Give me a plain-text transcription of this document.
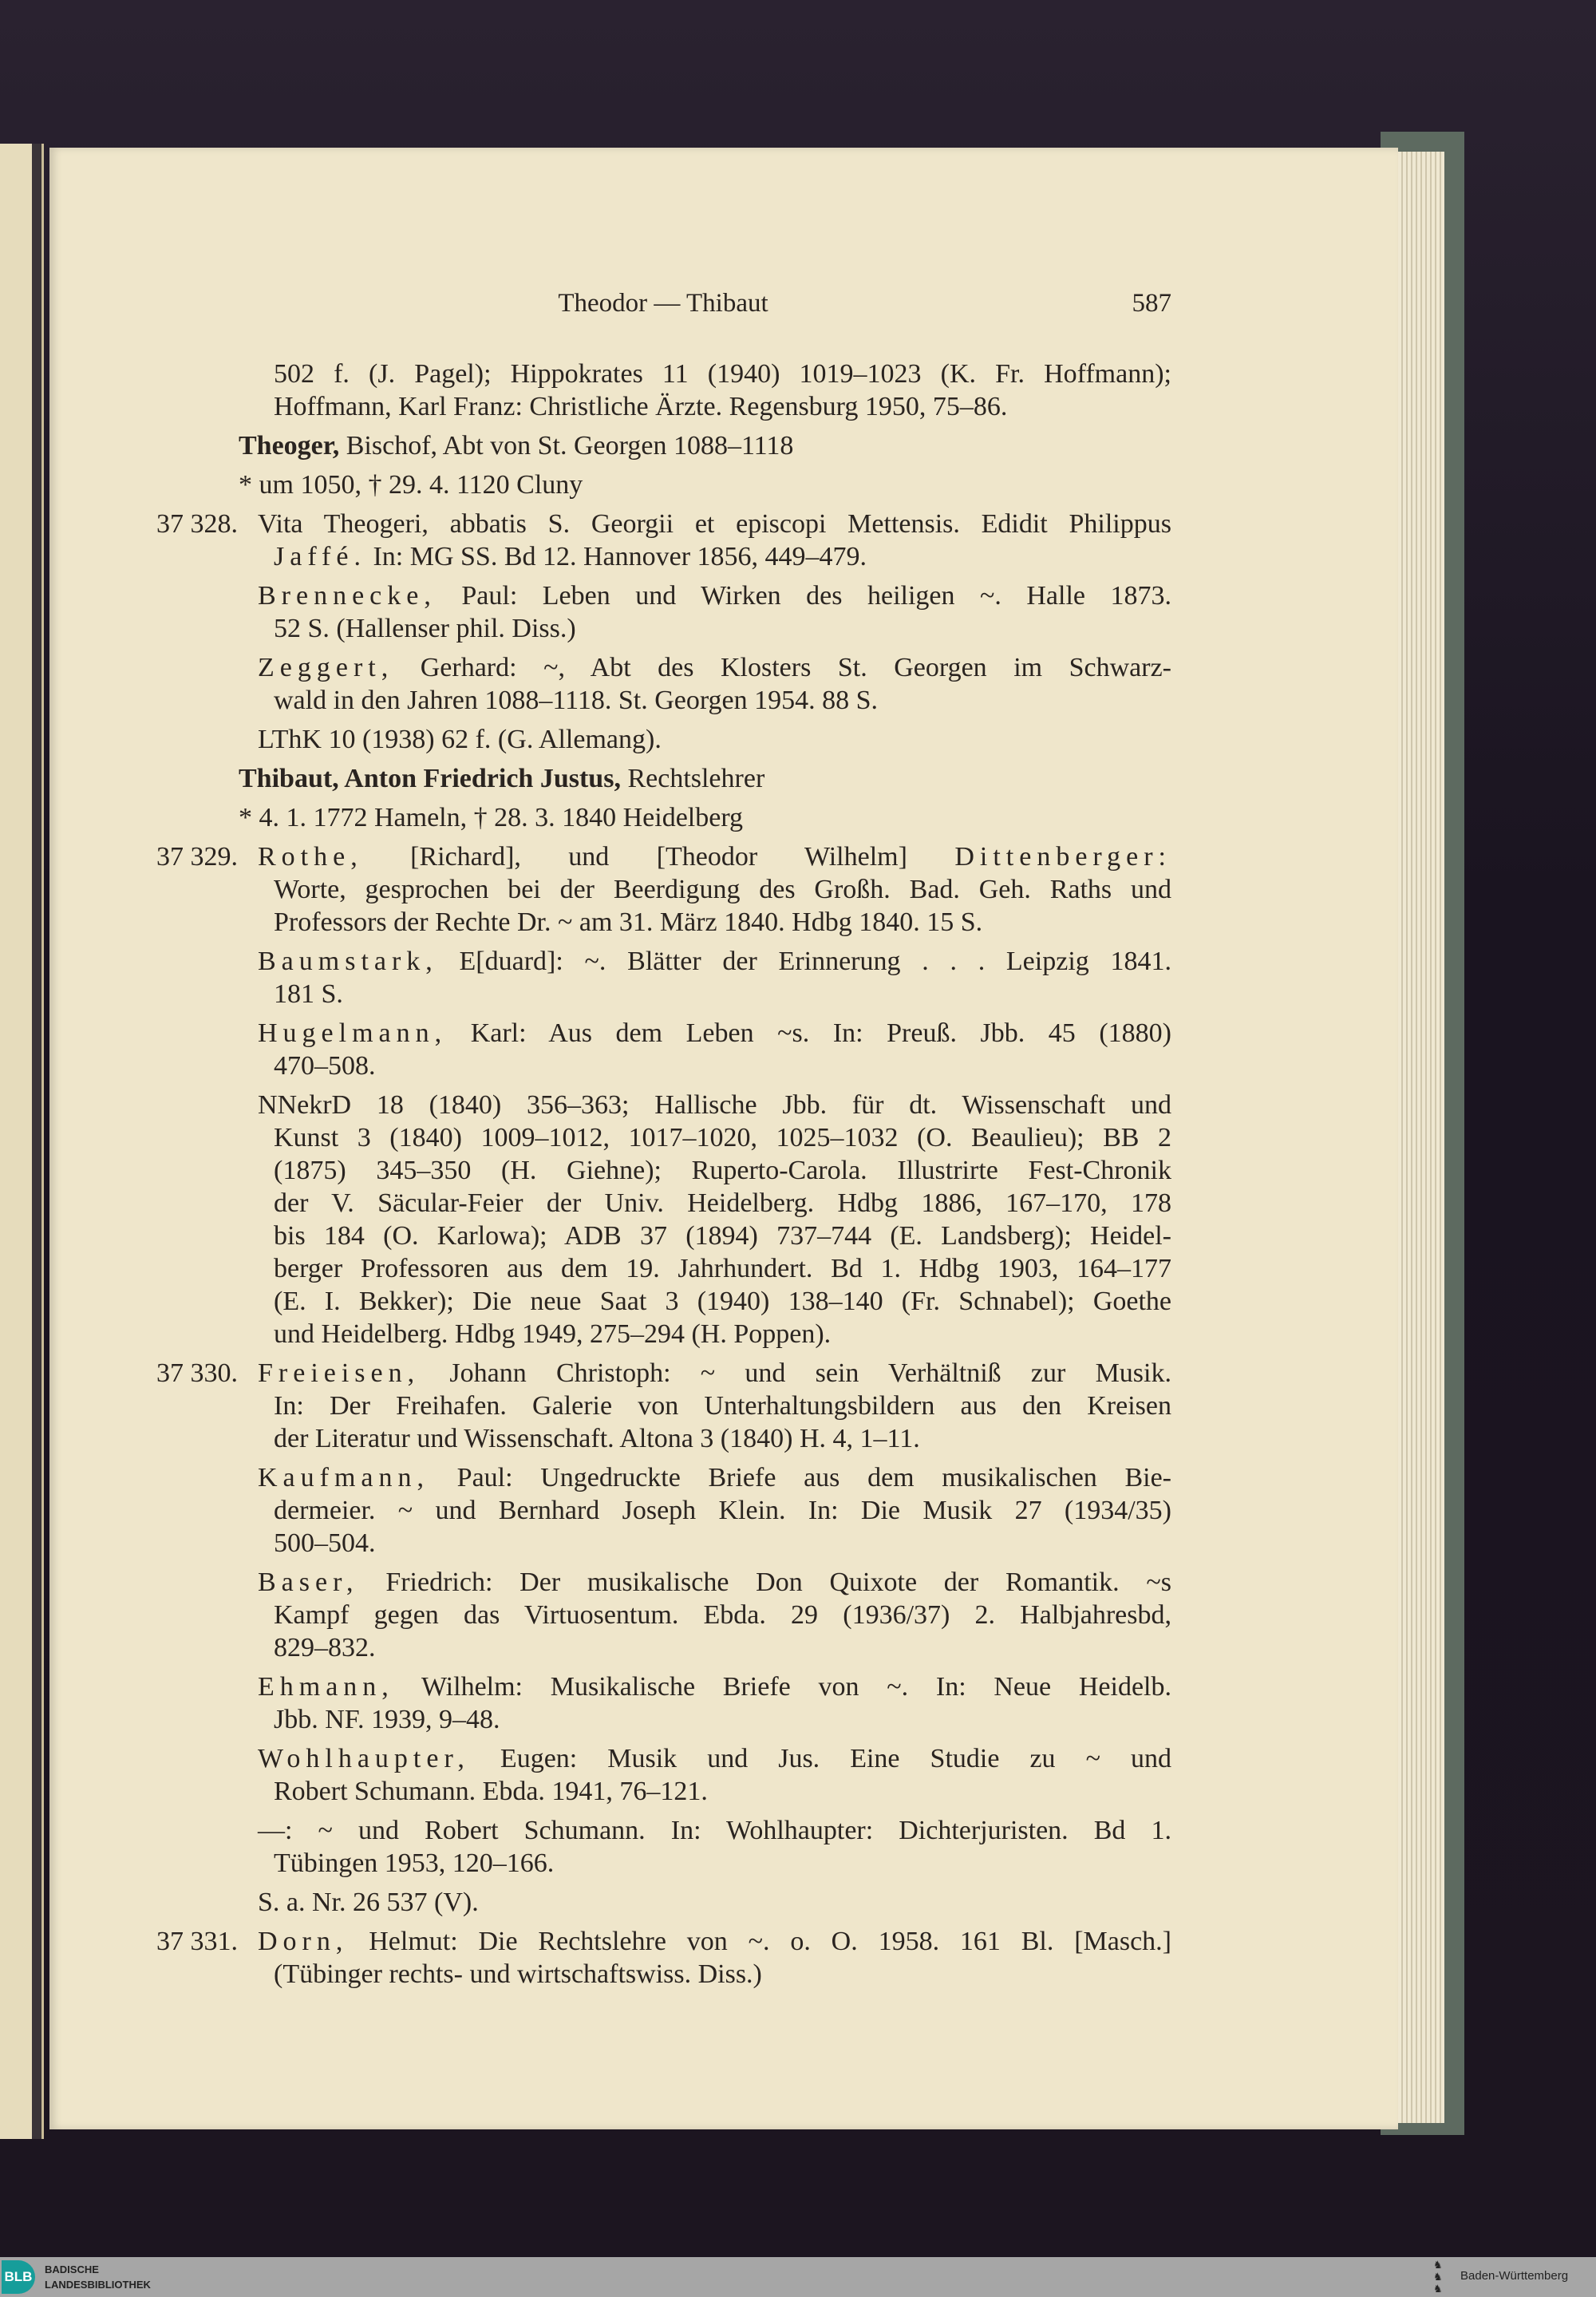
Theodor — Thibaut	587
502 f. (J. Pagel); Hippokrates 11 (1940) 1019–1023 (K. Fr. Hoffmann);
Hoffmann, Karl Franz: Christliche Ärzte. Regensburg 1950, 75–86.
Theoger, Bischof, Abt von St. Georgen 1088–1118
* um 1050, † 29. 4. 1120 Cluny
37 328. Vita Theogeri, abbatis S. Georgii et episcopi Mettensis. Edidit Philippus
Jaffé. In: MG SS. Bd 12. Hannover 1856, 449–479.
Brennecke, Paul: Leben und Wirken des heiligen ~. Halle 1873.
52 S. (Hallenser phil. Diss.)
Zeggert, Gerhard: ~, Abt des Klosters St. Georgen im Schwarz-
wald in den Jahren 1088–1118. St. Georgen 1954. 88 S.
LThK 10 (1938) 62 f. (G. Allemang).
Thibaut, Anton Friedrich Justus, Rechtslehrer
* 4. 1. 1772 Hameln, † 28. 3. 1840 Heidelberg
37 329. Rothe, [Richard], und [Theodor Wilhelm] Dittenberger:
Worte, gesprochen bei der Beerdigung des Großh. Bad. Geh. Raths und
Professors der Rechte Dr. ~ am 31. März 1840. Hdbg 1840. 15 S.
Baumstark, E[duard]: ~. Blätter der Erinnerung . . . Leipzig 1841.
181 S.
Hugelmann, Karl: Aus dem Leben ~s. In: Preuß. Jbb. 45 (1880)
470–508.
NNekrD 18 (1840) 356–363; Hallische Jbb. für dt. Wissenschaft und
Kunst 3 (1840) 1009–1012, 1017–1020, 1025–1032 (O. Beaulieu); BB 2
(1875) 345–350 (H. Giehne); Ruperto-Carola. Illustrirte Fest-Chronik
der V. Säcular-Feier der Univ. Heidelberg. Hdbg 1886, 167–170, 178
bis 184 (O. Karlowa); ADB 37 (1894) 737–744 (E. Landsberg); Heidel-
berger Professoren aus dem 19. Jahrhundert. Bd 1. Hdbg 1903, 164–177
(E. I. Bekker); Die neue Saat 3 (1940) 138–140 (Fr. Schnabel); Goethe
und Heidelberg. Hdbg 1949, 275–294 (H. Poppen).
37 330. Freieisen, Johann Christoph: ~ und sein Verhältniß zur Musik.
In: Der Freihafen. Galerie von Unterhaltungsbildern aus den Kreisen
der Literatur und Wissenschaft. Altona 3 (1840) H. 4, 1–11.
Kaufmann, Paul: Ungedruckte Briefe aus dem musikalischen Bie-
dermeier. ~ und Bernhard Joseph Klein. In: Die Musik 27 (1934/35)
500–504.
Baser, Friedrich: Der musikalische Don Quixote der Romantik. ~s
Kampf gegen das Virtuosentum. Ebda. 29 (1936/37) 2. Halbjahresbd,
829–832.
Ehmann, Wilhelm: Musikalische Briefe von ~. In: Neue Heidelb.
Jbb. NF. 1939, 9–48.
Wohlhaupter, Eugen: Musik und Jus. Eine Studie zu ~ und
Robert Schumann. Ebda. 1941, 76–121.
—: ~ und Robert Schumann. In: Wohlhaupter: Dichterjuristen. Bd 1.
Tübingen 1953, 120–166.
S. a. Nr. 26 537 (V).
37 331. Dorn, Helmut: Die Rechtslehre von ~. o. O. 1958. 161 Bl. [Masch.]
(Tübinger rechts- und wirtschaftswiss. Diss.)
BLB BADISCHE
LANDESBIBLIOTHEK
♞
♞
♞
Baden-Württemberg
